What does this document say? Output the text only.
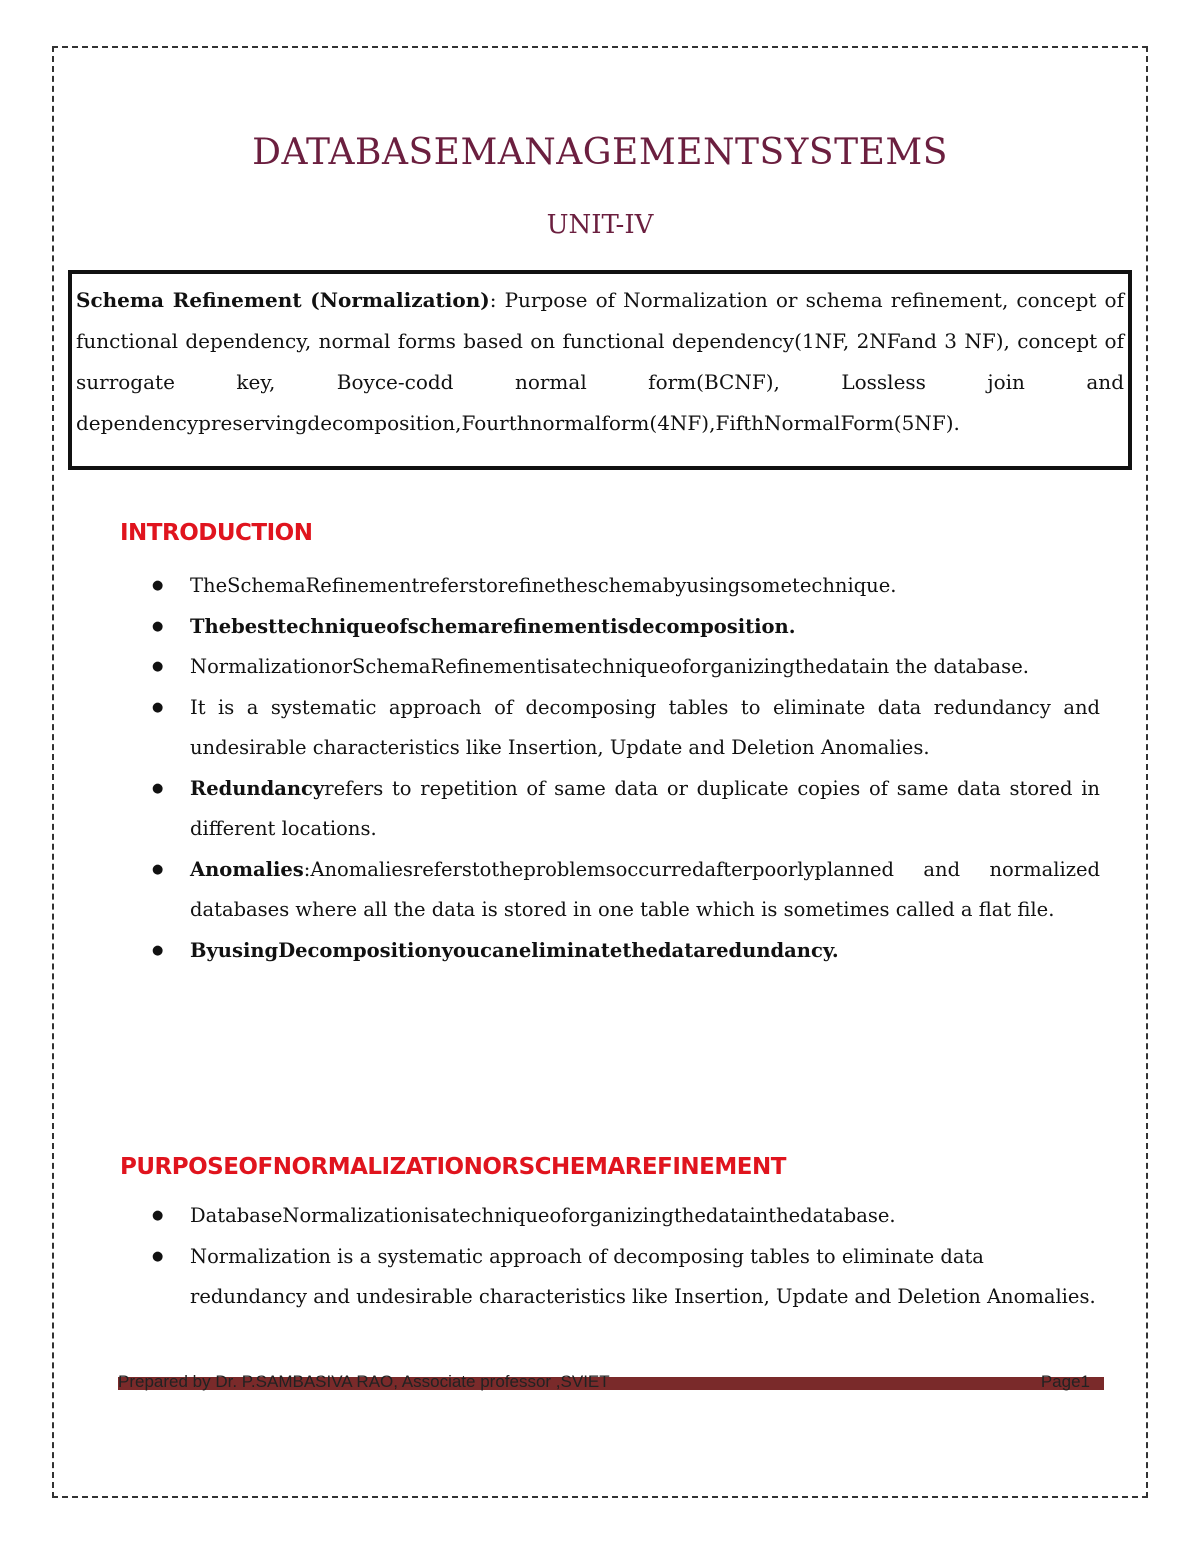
DATABASEMANAGEMENTSYSTEMS
UNIT-IV
Schema Refinement (Normalization): Purpose of Normalization or schema refinement, concept of functional dependency, normal forms based on functional dependency(1NF, 2NFand 3 NF), concept of surrogate key, Boyce-codd normal form(BCNF), Lossless join and dependencypreservingdecomposition,Fourthnormalform(4NF),FifthNormalForm(5NF).
INTRODUCTION
● TheSchemaRefinementreferstorefinetheschemabyusingsometechnique.
● Thebesttechniqueofschemarefinementisdecomposition.
● NormalizationorSchemaRefinementisatechniqueoforganizingthedatain the database.
● It is a systematic approach of decomposing tables to eliminate data redundancy and undesirable characteristics like Insertion, Update and Deletion Anomalies.
● Redundancyrefers to repetition of same data or duplicate copies of same data stored in different locations.
● Anomalies:Anomaliesreferstotheproblemsoccurredafterpoorlyplanned and normalized databases where all the data is stored in one table which is sometimes called a flat file.
● ByusingDecompositionyoucaneliminatethedataredundancy.
PURPOSEOFNORMALIZATIONORSCHEMAREFINEMENT
● DatabaseNormalizationisatechniqueoforganizingthedatainthedatabase.
● Normalization is a systematic approach of decomposing tables to eliminate data redundancy and undesirable characteristics like Insertion, Update and Deletion Anomalies.
Prepared by Dr. P.SAMBASIVA RAO, Associate professor ,SVIET	Page1
